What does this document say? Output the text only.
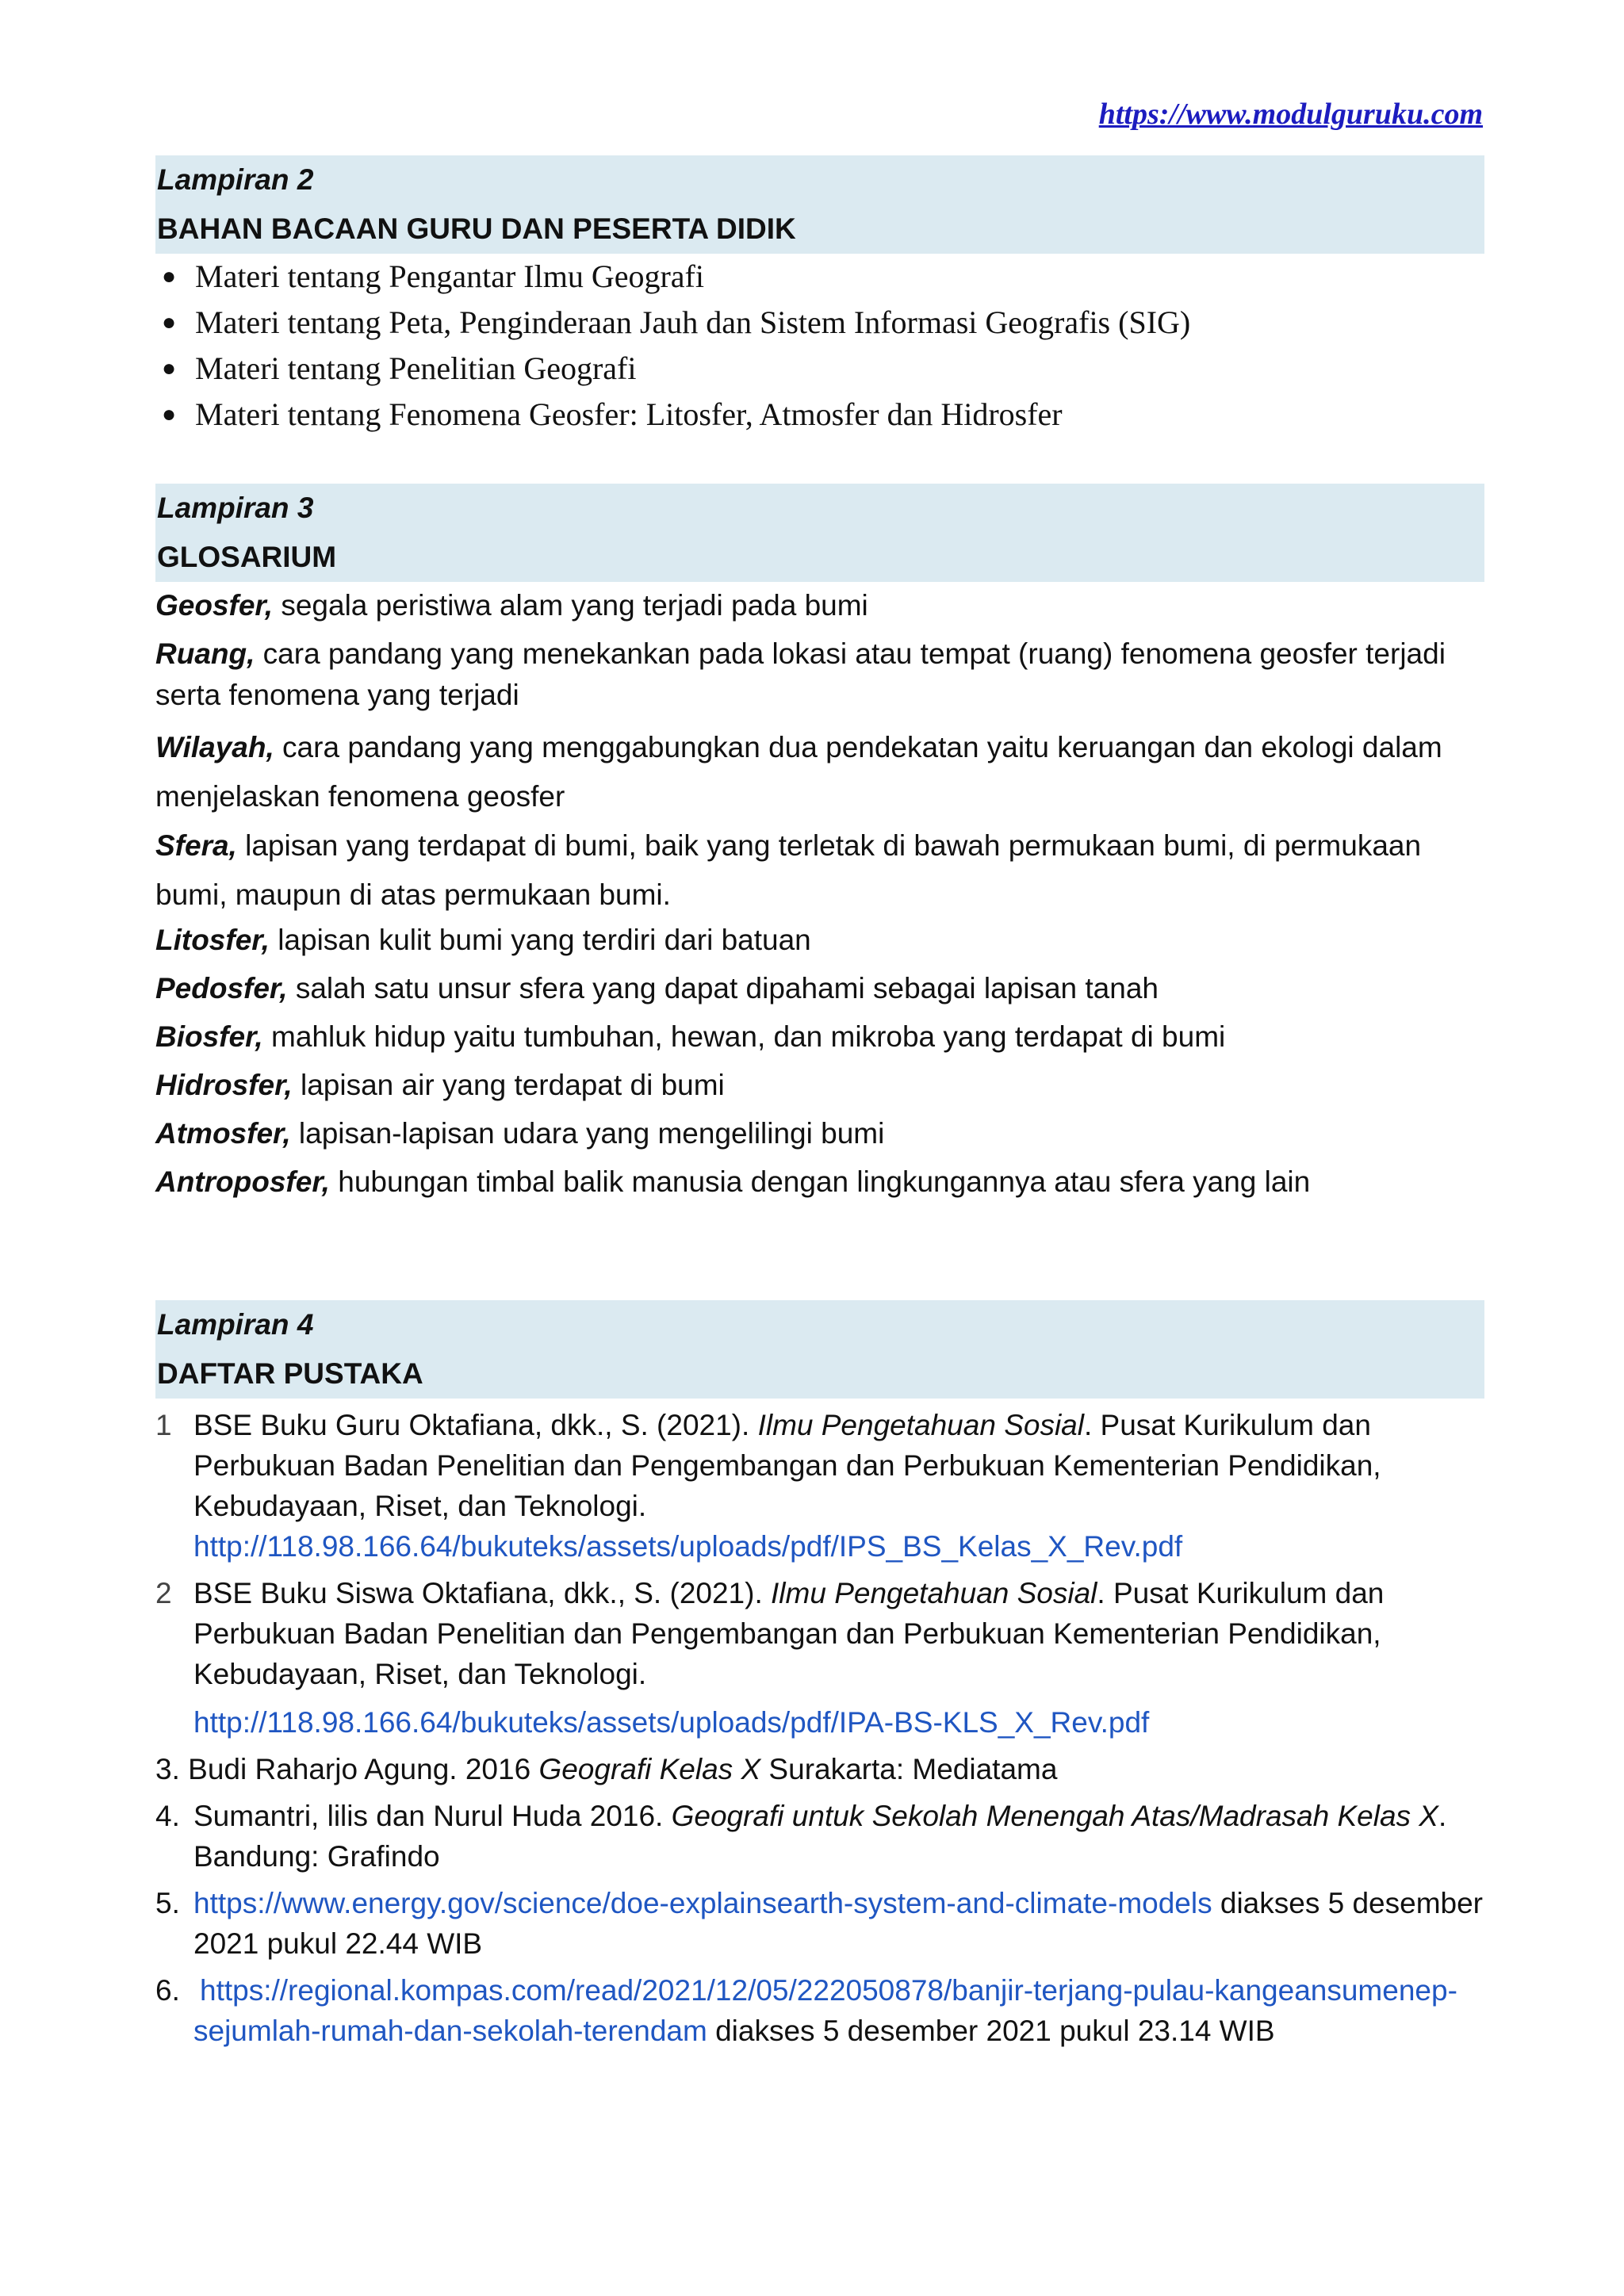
https://www.modulguruku.com
Lampiran 2
BAHAN BACAAN GURU DAN PESERTA DIDIK
● Materi tentang Pengantar Ilmu Geografi
● Materi tentang Peta, Penginderaan Jauh dan Sistem Informasi Geografis (SIG)
● Materi tentang Penelitian Geografi
● Materi tentang Fenomena Geosfer: Litosfer, Atmosfer dan Hidrosfer
Lampiran 3
GLOSARIUM

Geosfer, segala peristiwa alam yang terjadi pada bumi

Ruang, cara pandang yang menekankan pada lokasi atau tempat (ruang) fenomena geosfer terjadi serta fenomena yang terjadi

Wilayah, cara pandang yang menggabungkan dua pendekatan yaitu keruangan dan ekologi dalam menjelaskan fenomena geosfer

Sfera, lapisan yang terdapat di bumi, baik yang terletak di bawah permukaan bumi, di permukaan bumi, maupun di atas permukaan bumi.

Litosfer, lapisan kulit bumi yang terdiri dari batuan

Pedosfer, salah satu unsur sfera yang dapat dipahami sebagai lapisan tanah

Biosfer, mahluk hidup yaitu tumbuhan, hewan, dan mikroba yang terdapat di bumi

Hidrosfer, lapisan air yang terdapat di bumi

Atmosfer, lapisan-lapisan udara yang mengelilingi bumi

Antroposfer, hubungan timbal balik manusia dengan lingkungannya atau sfera yang lain

Lampiran 4
DAFTAR PUSTAKA
1 BSE Buku Guru Oktafiana, dkk., S. (2021). Ilmu Pengetahuan Sosial. Pusat Kurikulum dan Perbukuan Badan Penelitian dan Pengembangan dan Perbukuan Kementerian Pendidikan, Kebudayaan, Riset, dan Teknologi.
http://118.98.166.64/bukuteks/assets/uploads/pdf/IPS_BS_Kelas_X_Rev.pdf
2 BSE Buku Siswa Oktafiana, dkk., S. (2021). Ilmu Pengetahuan Sosial. Pusat Kurikulum dan Perbukuan Badan Penelitian dan Pengembangan dan Perbukuan Kementerian Pendidikan, Kebudayaan, Riset, dan Teknologi.
http://118.98.166.64/bukuteks/assets/uploads/pdf/IPA-BS-KLS_X_Rev.pdf
3. Budi Raharjo Agung. 2016 Geografi Kelas X Surakarta: Mediatama
4. Sumantri, lilis dan Nurul Huda 2016. Geografi untuk Sekolah Menengah Atas/Madrasah Kelas X. Bandung: Grafindo
5. https://www.energy.gov/science/doe-explainsearth-system-and-climate-models diakses 5 desember 2021 pukul 22.44 WIB
6. https://regional.kompas.com/read/2021/12/05/222050878/banjir-terjang-pulau-kangeansumenep-sejumlah-rumah-dan-sekolah-terendam diakses 5 desember 2021 pukul 23.14 WIB
